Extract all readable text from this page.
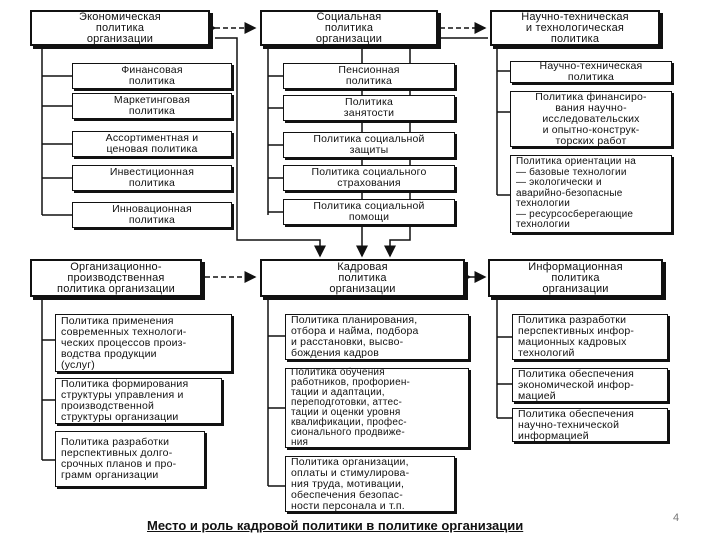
Экономическая
политика
организации
Социальная
политика
организации
Научно-техническая
и технологическая
политика
Финансовая
политика
Маркетинговая
политика
Ассортиментная и
ценовая политика
Инвестиционная
политика
Инновационная
политика
Пенсионная
политика
Политика
занятости
Политика социальной
защиты
Политика социального
страхования
Политика социальной
помощи
Научно-техническая
политика
Политика финансиро-
вания научно-
исследовательских
и опытно-конструк-
торских работ
Политика ориентации на
— базовые технологии
— экологически и
аварийно-безопасные
технологии
— ресурсосберегающие
технологии
Организационно-
производственная
политика организации
Кадровая
политика
организации
Информационная
политика
организации
Политика применения
современных технологи-
ческих процессов произ-
водства продукции
(услуг)
Политика формирования
структуры управления и
производственной
структуры организации
Политика разработки
перспективных долго-
срочных планов и про-
грамм организации
Политика планирования,
отбора и найма, подбора
и расстановки, высво-
бождения кадров
Политика обучения
работников, профориен-
тации и адаптации,
переподготовки, аттес-
тации и оценки уровня
квалификации, профес-
сионального продвиже-
ния
Политика организации,
оплаты и стимулирова-
ния труда, мотивации,
обеспечения безопас-
ности персонала и т.п.
Политика разработки
перспективных инфор-
мационных кадровых
технологий
Политика обеспечения
экономической инфор-
мацией
Политика обеспечения
научно-технической
информацией
Место и роль кадровой политики в политике организации	4
